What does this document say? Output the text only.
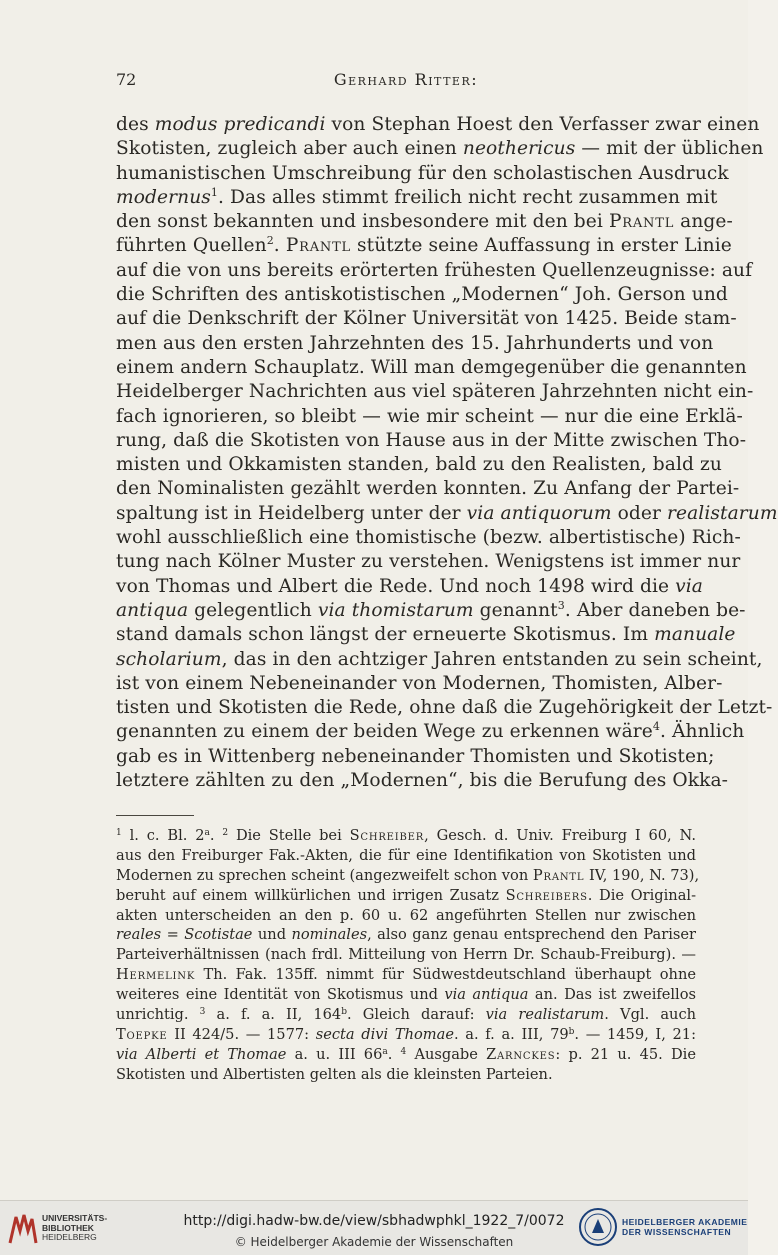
72	Gerhard Ritter:
des modus predicandi von Stephan Hoest den Verfasser zwar einen
Skotisten, zugleich aber auch einen neothericus — mit der üblichen
humanistischen Umschreibung für den scholastischen Ausdruck
modernus$^1$. Das alles stimmt freilich nicht recht zusammen mit
den sonst bekannten und insbesondere mit den bei Prantl ange-
führten Quellen$^2$. Prantl stützte seine Auffassung in erster Linie
auf die von uns bereits erörterten frühesten Quellenzeugnisse: auf
die Schriften des antiskotistischen „Modernen“ Joh. Gerson und
auf die Denkschrift der Kölner Universität von 1425. Beide stam-
men aus den ersten Jahrzehnten des 15. Jahrhunderts und von
einem andern Schauplatz. Will man demgegenüber die genannten
Heidelberger Nachrichten aus viel späteren Jahrzehnten nicht ein-
fach ignorieren, so bleibt — wie mir scheint — nur die eine Erklä-
rung, daß die Skotisten von Hause aus in der Mitte zwischen Tho-
misten und Okkamisten standen, bald zu den Realisten, bald zu
den Nominalisten gezählt werden konnten. Zu Anfang der Partei-
spaltung ist in Heidelberg unter der via antiquorum oder realistarum
wohl ausschließlich eine thomistische (bezw. albertistische) Rich-
tung nach Kölner Muster zu verstehen. Wenigstens ist immer nur
von Thomas und Albert die Rede. Und noch 1498 wird die via
antiqua gelegentlich via thomistarum genannt$^3$. Aber daneben be-
stand damals schon längst der erneuerte Skotismus. Im manuale
scholarium, das in den achtziger Jahren entstanden zu sein scheint,
ist von einem Nebeneinander von Modernen, Thomisten, Alber-
tisten und Skotisten die Rede, ohne daß die Zugehörigkeit der Letzt-
genannten zu einem der beiden Wege zu erkennen wäre$^4$. Ähnlich
gab es in Wittenberg nebeneinander Thomisten und Skotisten;
letztere zählten zu den „Modernen“, bis die Berufung des Okka-
$^1$ l. c. Bl. 2$^a$. $^2$ Die Stelle bei Schreiber, Gesch. d. Univ. Freiburg I 60, N.
aus den Freiburger Fak.-Akten, die für eine Identifikation von Skotisten und
Modernen zu sprechen scheint (angezweifelt schon von Prantl IV, 190, N. 73),
beruht auf einem willkürlichen und irrigen Zusatz Schreibers. Die Original-
akten unterscheiden an den p. 60 u. 62 angeführten Stellen nur zwischen
reales = Scotistae und nominales, also ganz genau entsprechend den Pariser
Parteiverhältnissen (nach frdl. Mitteilung von Herrn Dr. Schaub-Freiburg). —
Hermelink Th. Fak. 135ff. nimmt für Südwestdeutschland überhaupt ohne
weiteres eine Identität von Skotismus und via antiqua an. Das ist zweifellos
unrichtig. $^3$ a. f. a. II, 164$^b$. Gleich darauf: via realistarum. Vgl. auch
Toepke II 424/5. — 1577: secta divi Thomae. a. f. a. III, 79$^b$. — 1459, I, 21:
via Alberti et Thomae a. u. III 66$^a$. $^4$ Ausgabe Zarnckes: p. 21 u. 45. Die
Skotisten und Albertisten gelten als die kleinsten Parteien.
UNIVERSITÄTS-
BIBLIOTHEK
HEIDELBERG
http://digi.hadw-bw.de/view/sbhadwphkl_1922_7/0072
© Heidelberger Akademie der Wissenschaften
HEIDELBERGER AKADEMIE
DER WISSENSCHAFTEN
